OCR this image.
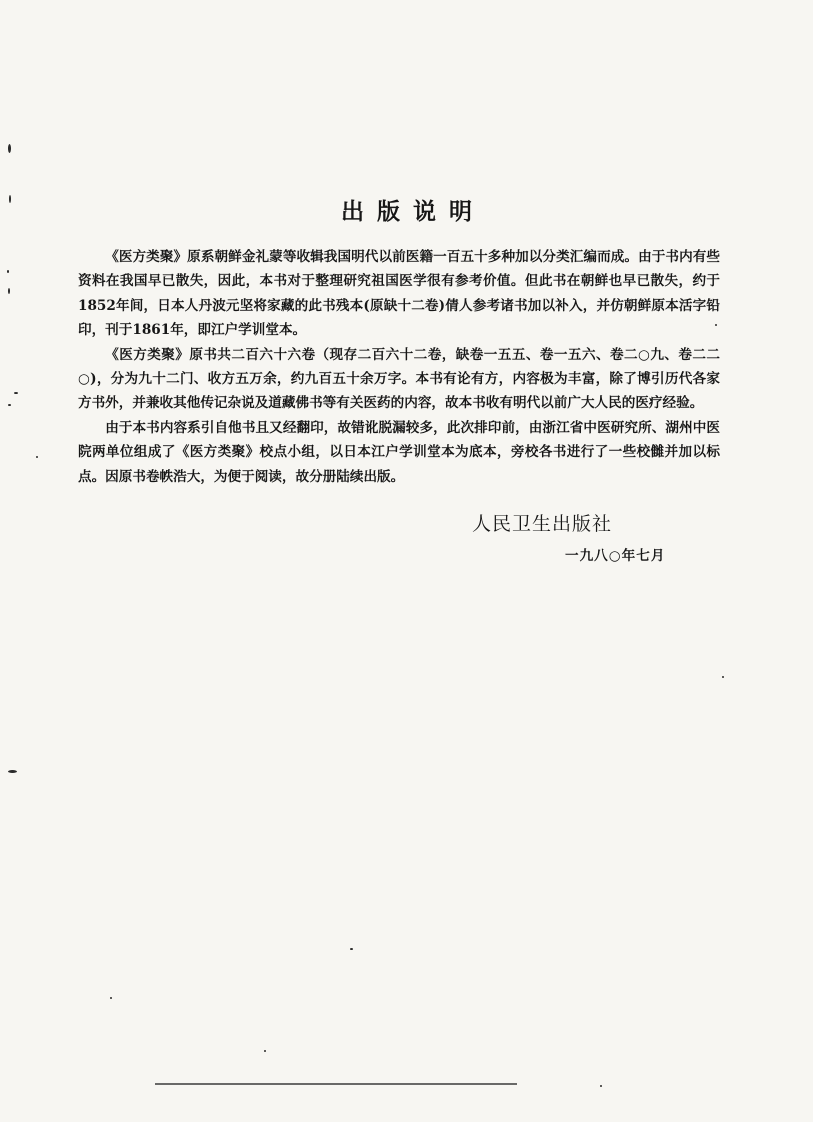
出版说明

《医方类聚》原系朝鲜金礼蒙等收辑我国明代以前医籍一百五十多种加以分类汇编而成。由于书内有些资料在我国早已散失，因此，本书对于整理研究祖国医学很有参考价值。但此书在朝鲜也早已散失，约于1852年间，日本人丹波元坚将家藏的此书残本(原缺十二卷)倩人参考诸书加以补入，并仿朝鲜原本活字铅印，刊于1861年，即江户学训堂本。

《医方类聚》原书共二百六十六卷（现存二百六十二卷，缺卷一五五、卷一五六、卷二○九、卷二二○)，分为九十二门、收方五万余，约九百五十余万字。本书有论有方，内容极为丰富，除了博引历代各家方书外，并兼收其他传记杂说及道藏佛书等有关医药的内容，故本书收有明代以前广大人民的医疗经验。

由于本书内容系引自他书且又经翻印，故错讹脱漏较多，此次排印前，由浙江省中医研究所、湖州中医院两单位组成了《医方类聚》校点小组，以日本江户学训堂本为底本，旁校各书进行了一些校雠并加以标点。因原书卷帙浩大，为便于阅读，故分册陆续出版。

人民卫生出版社

一九八○年七月
